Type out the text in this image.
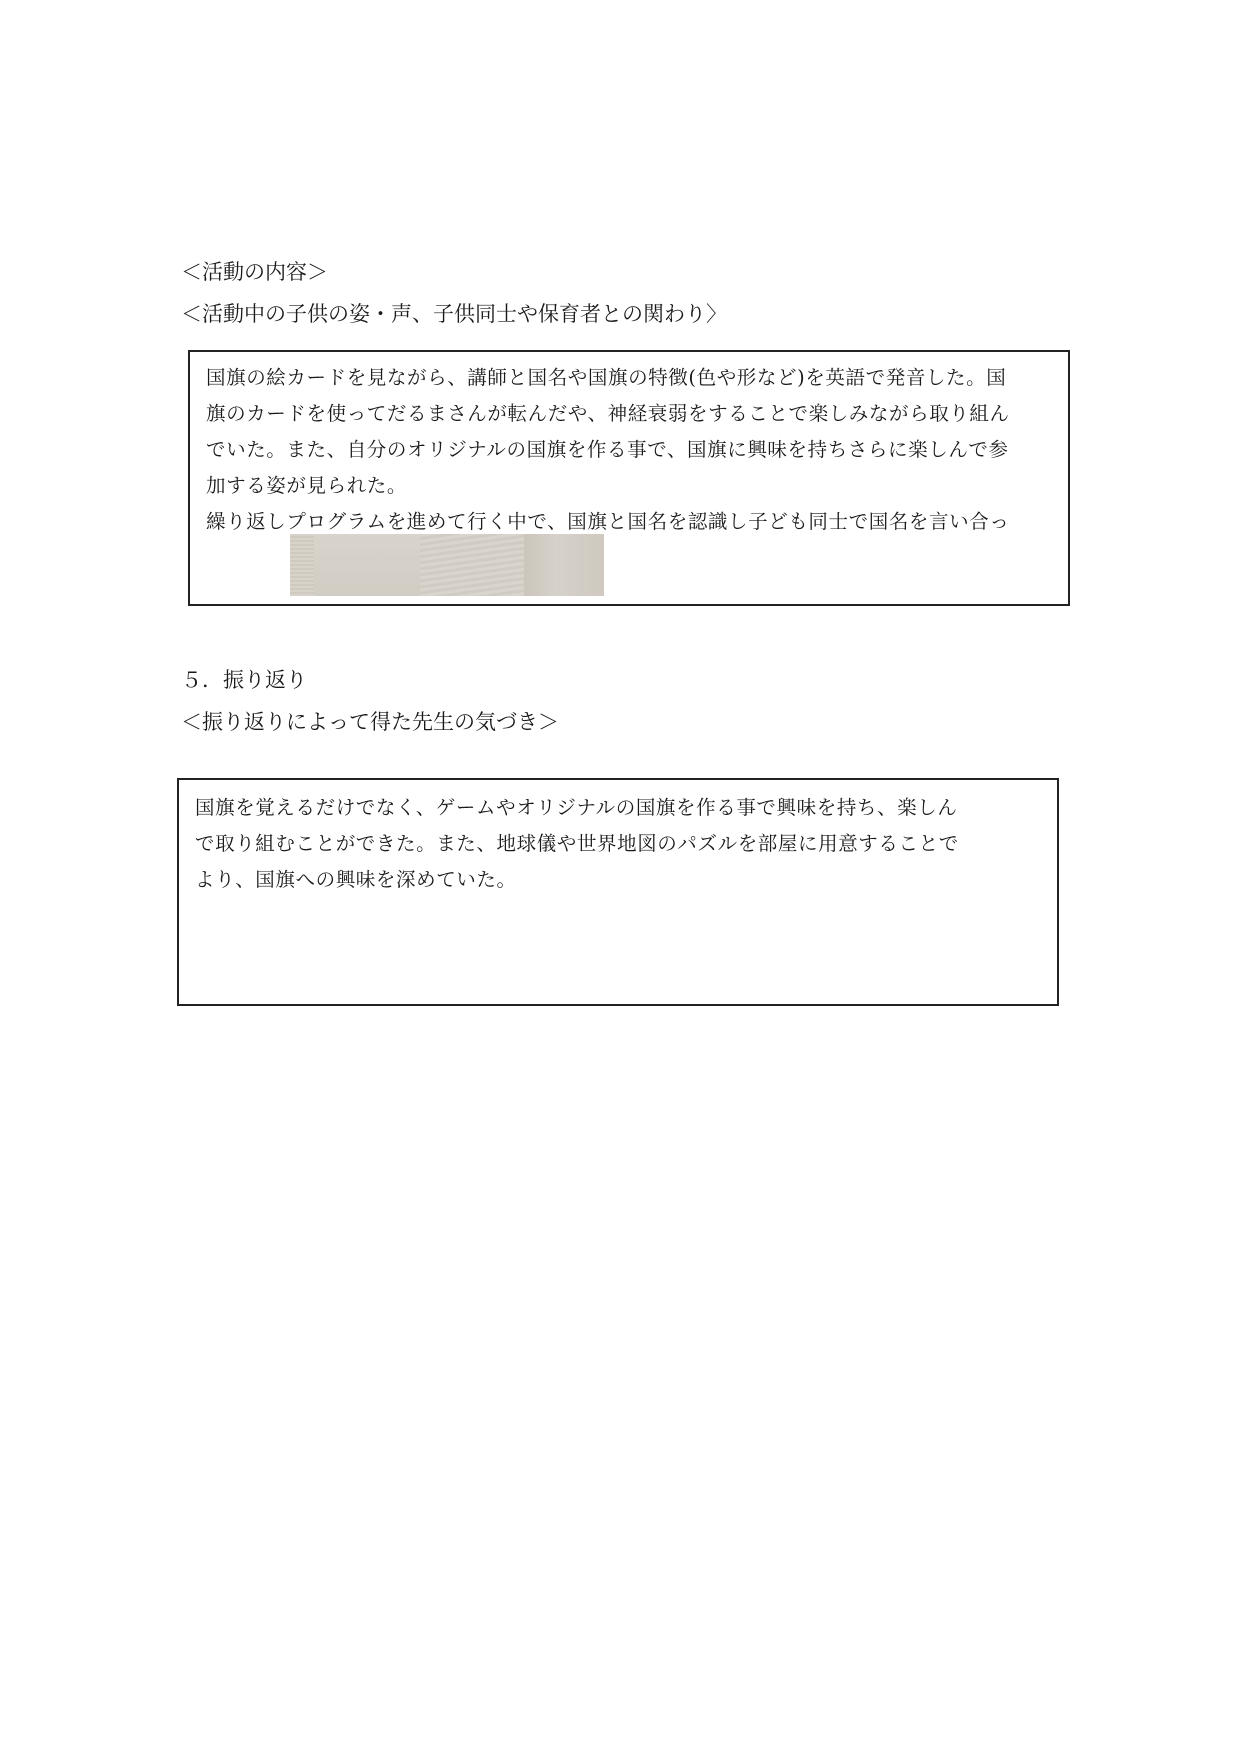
＜活動の内容＞
＜活動中の子供の姿・声、子供同士や保育者との関わり〉
国旗の絵カードを見ながら、講師と国名や国旗の特徴(色や形など)を英語で発音した。国
旗のカードを使ってだるまさんが転んだや、神経衰弱をすることで楽しみながら取り組ん
でいた。また、自分のオリジナルの国旗を作る事で、国旗に興味を持ちさらに楽しんで参
加する姿が見られた。
繰り返しプログラムを進めて行く中で、国旗と国名を認識し子ども同士で国名を言い合っ
５．振り返り
＜振り返りによって得た先生の気づき＞
国旗を覚えるだけでなく、ゲームやオリジナルの国旗を作る事で興味を持ち、楽しん
で取り組むことができた。また、地球儀や世界地図のパズルを部屋に用意することで
より、国旗への興味を深めていた。
